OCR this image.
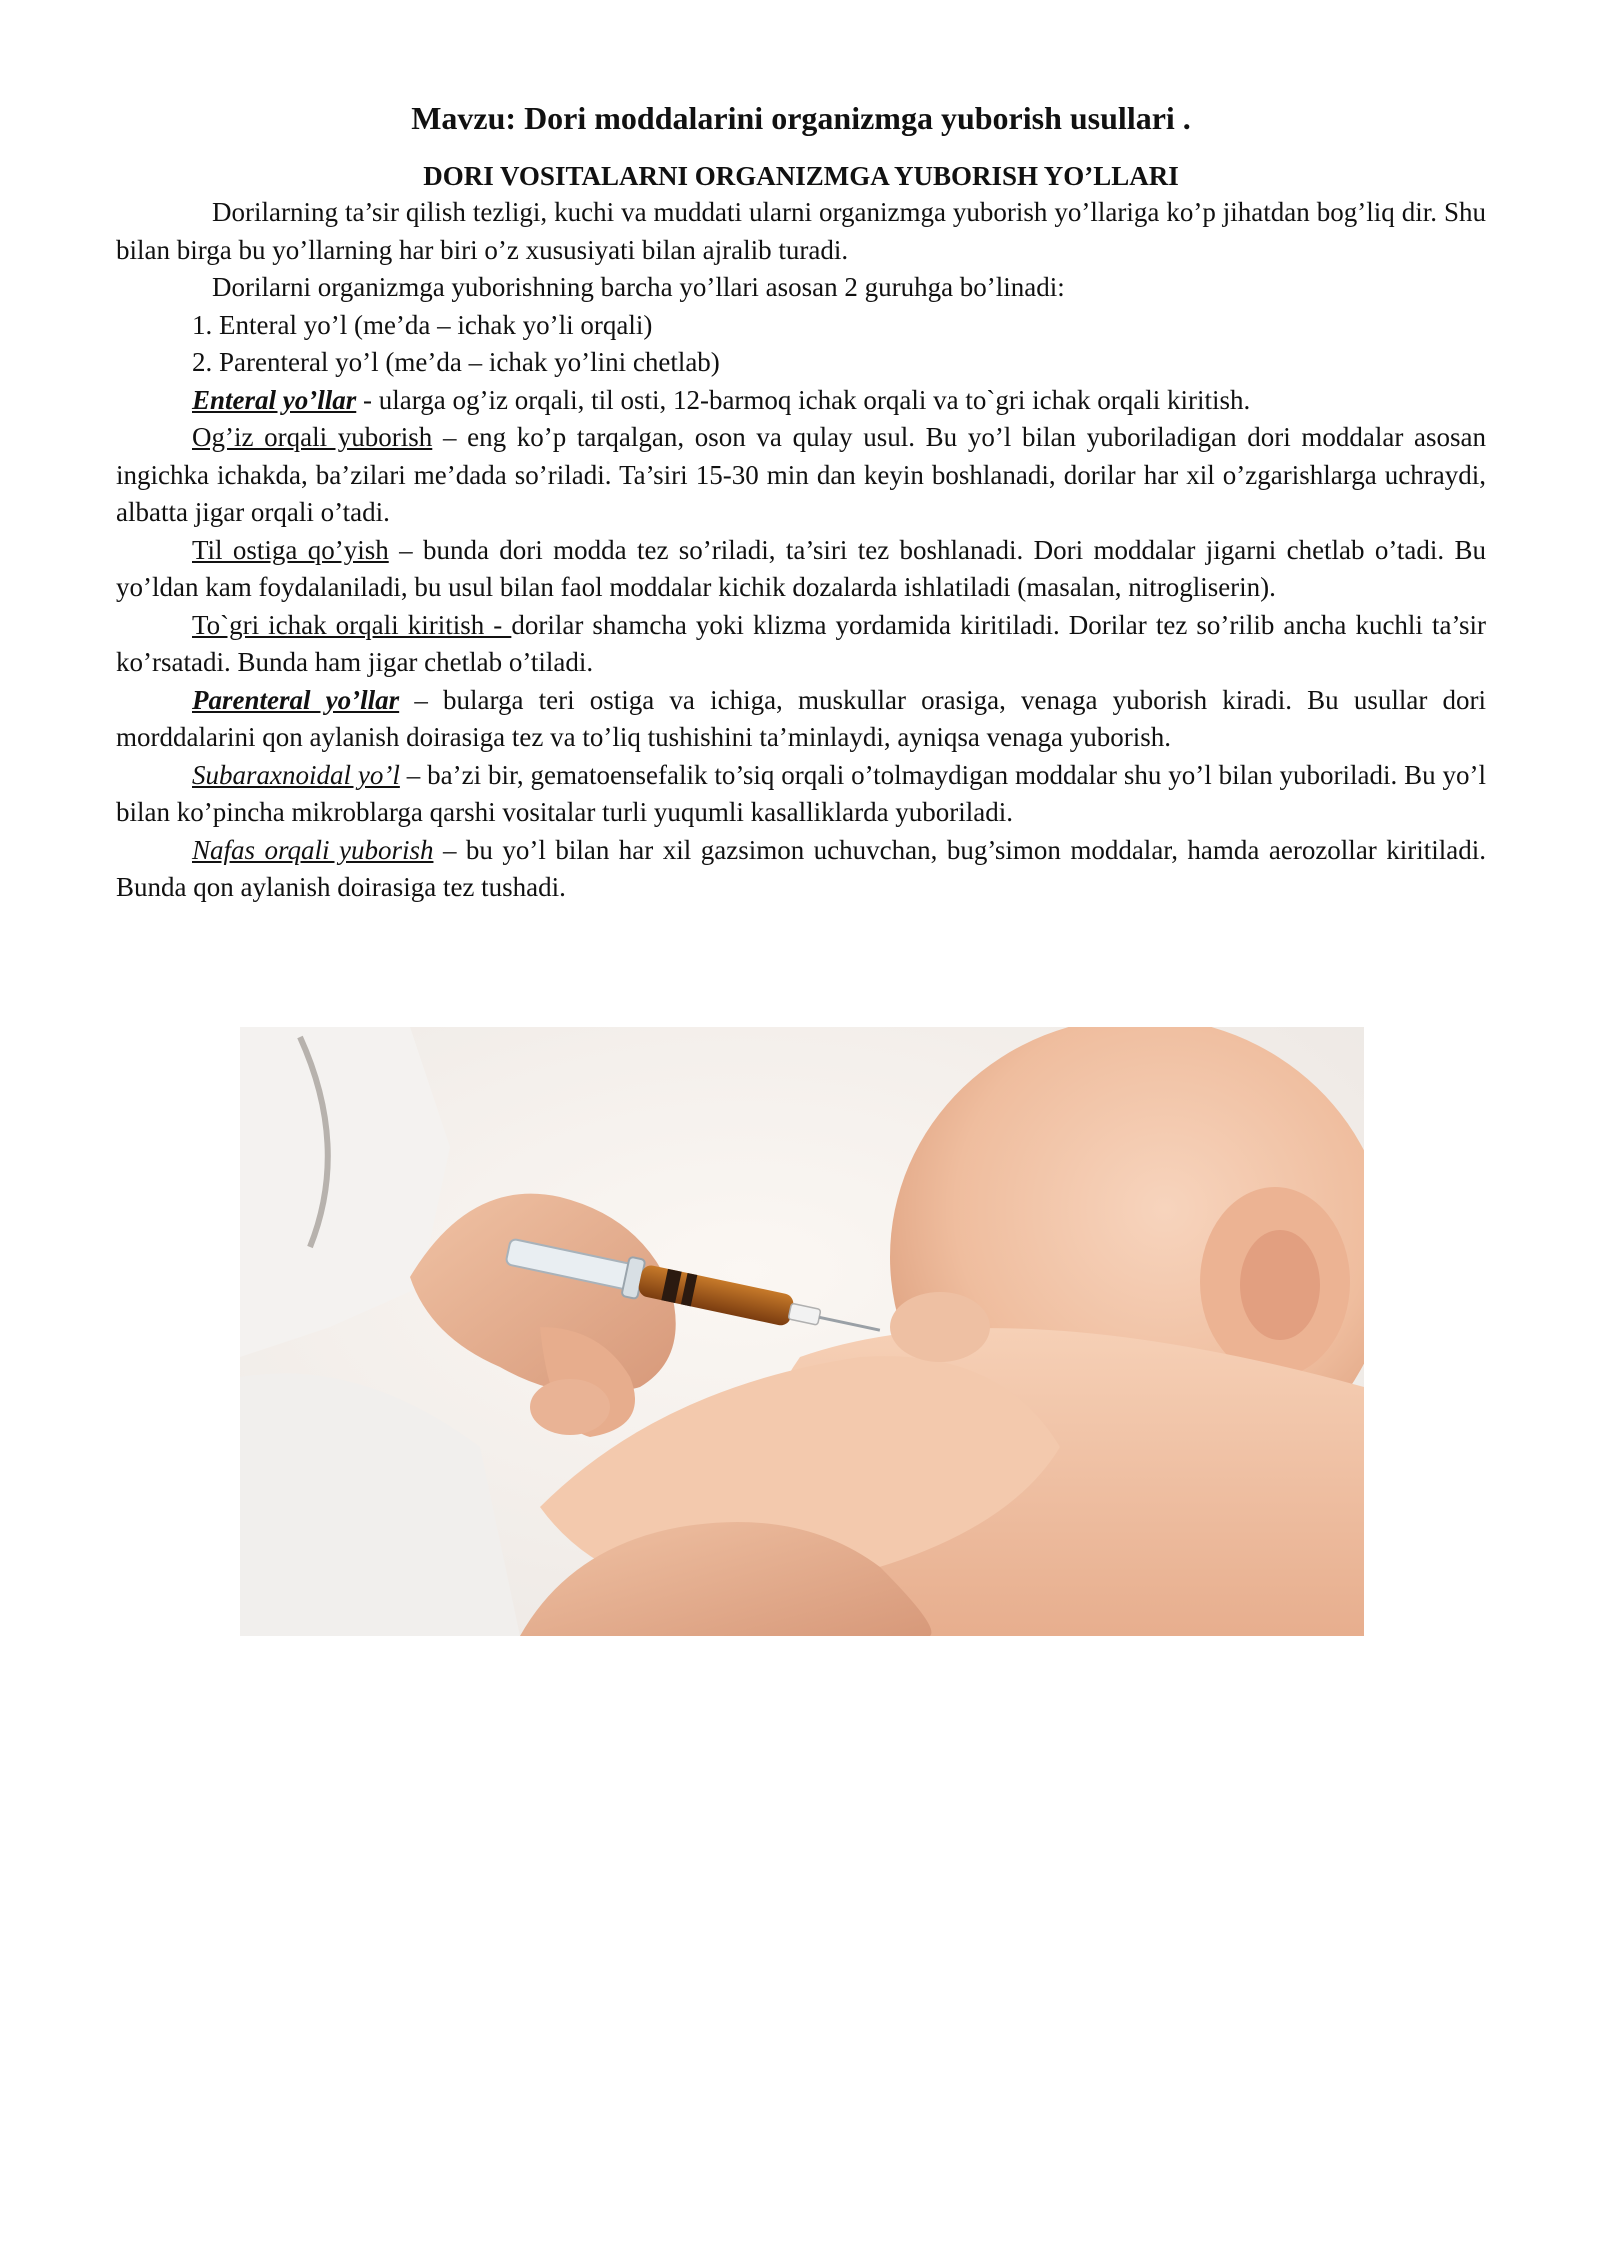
Mavzu: Dori moddalarini organizmga yuborish usullari .
DORI VOSITALARNI ORGANIZMGA YUBORISH YO’LLARI

Dorilarning ta’sir qilish tezligi, kuchi va muddati ularni organizmga yuborish yo’llariga ko’p jihatdan bog’liq dir. Shu bilan birga bu yo’llarning har biri o’z xususiyati bilan ajralib turadi.

Dorilarni organizmga yuborishning barcha yo’llari asosan 2 guruhga bo’linadi:

1. Enteral yo’l (me’da – ichak yo’li orqali)

2. Parenteral yo’l (me’da – ichak yo’lini chetlab)

Enteral yo’llar - ularga og’iz orqali, til osti, 12-barmoq ichak orqali va to`gri ichak orqali kiritish.

Og’iz orqali yuborish – eng ko’p tarqalgan, oson va qulay usul. Bu yo’l bilan yuboriladigan dori moddalar asosan ingichka ichakda, ba’zilari me’dada so’riladi. Ta’siri 15-30 min dan keyin boshlanadi, dorilar har xil o’zgarishlarga uchraydi, albatta jigar orqali o’tadi.

Til ostiga qo’yish – bunda dori modda tez so’riladi, ta’siri tez boshlanadi. Dori moddalar jigarni chetlab o’tadi. Bu yo’ldan kam foydalaniladi, bu usul bilan faol moddalar kichik dozalarda ishlatiladi (masalan, nitrogliserin).

To`gri ichak orqali kiritish - dorilar shamcha yoki klizma yordamida kiritiladi. Dorilar tez so’rilib ancha kuchli ta’sir ko’rsatadi. Bunda ham jigar chetlab o’tiladi.

Parenteral yo’llar – bularga teri ostiga va ichiga, muskullar orasiga, venaga yuborish kiradi. Bu usullar dori morddalarini qon aylanish doirasiga tez va to’liq tushishini ta’minlaydi, ayniqsa venaga yuborish.

Subaraxnoidal yo’l – ba’zi bir, gematoensefalik to’siq orqali o’tolmaydigan moddalar shu yo’l bilan yuboriladi. Bu yo’l bilan ko’pincha mikroblarga qarshi vositalar turli yuqumli kasalliklarda yuboriladi.

Nafas orqali yuborish – bu yo’l bilan har xil gazsimon uchuvchan, bug’simon moddalar, hamda aerozollar kiritiladi. Bunda qon aylanish doirasiga tez tushadi.
